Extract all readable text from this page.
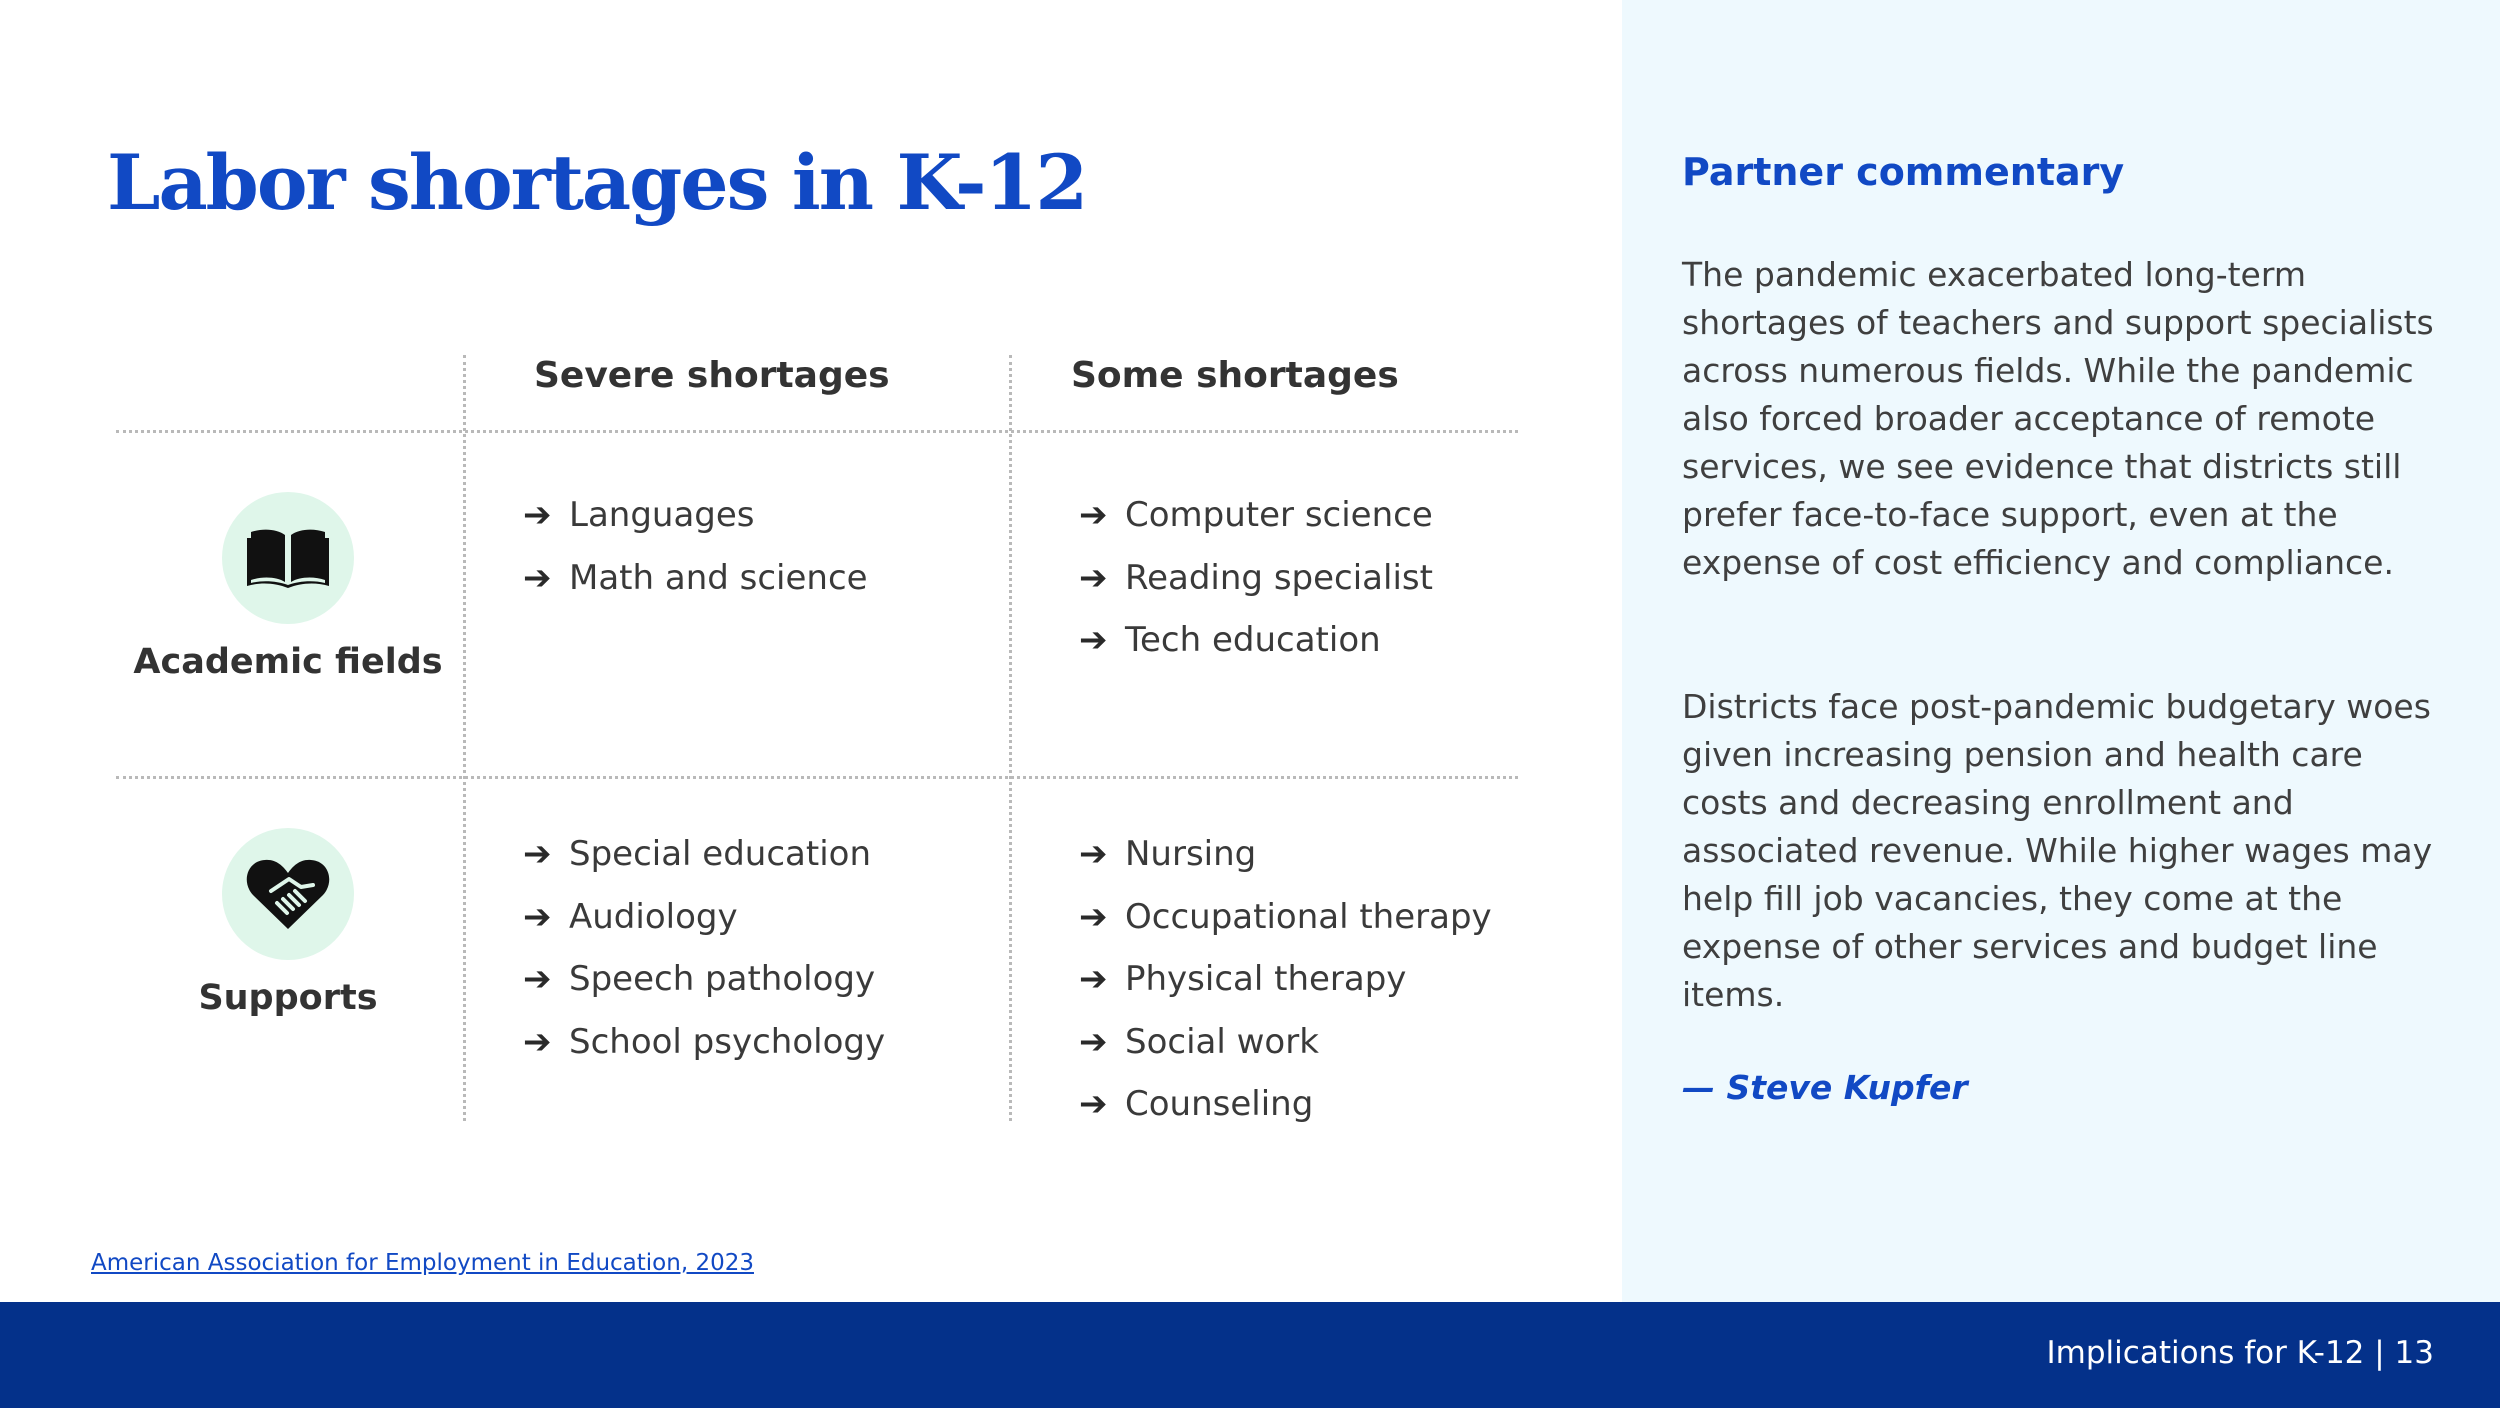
Labor shortages in K-12
Severe shortages	Some shortages
Academic fields
➔ Languages
➔ Math and science
➔ Computer science
➔ Reading specialist
➔ Tech education
Supports
➔ Special education
➔ Audiology
➔ Speech pathology
➔ School psychology
➔ Nursing
➔ Occupational therapy
➔ Physical therapy
➔ Social work
➔ Counseling
American Association for Employment in Education, 2023
Partner commentary

The pandemic exacerbated long-term shortages of teachers and support specialists across numerous fields. While the pandemic also forced broader acceptance of remote services, we see evidence that districts still prefer face-to-face support, even at the expense of cost efficiency and compliance.

Districts face post-pandemic budgetary woes given increasing pension and health care costs and decreasing enrollment and associated revenue. While higher wages may help fill job vacancies, they come at the expense of other services and budget line items.

— Steve Kupfer

Implications for K-12 | 13
